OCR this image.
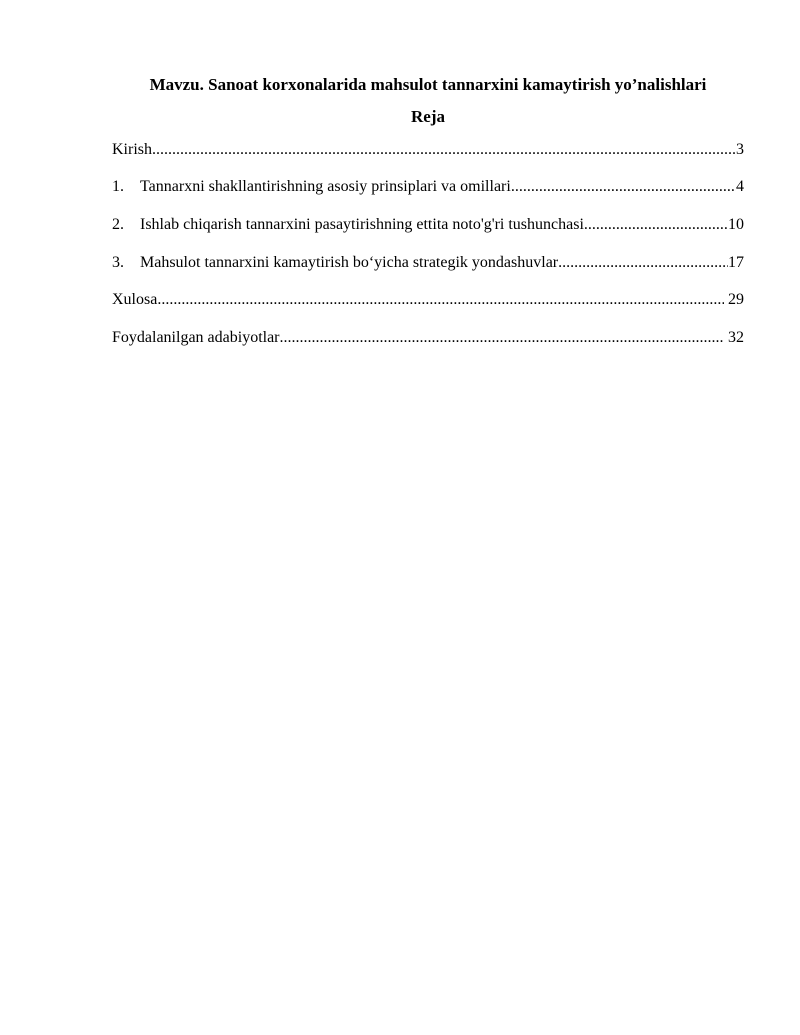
Mavzu. Sanoat korxonalarida mahsulot tannarxini kamaytirish yo’nalishlari
Reja
Kirish .....	3
1.	Tannarxni shakllantirishning asosiy prinsiplari va omillari .....	4
2.	Ishlab chiqarish tannarxini pasaytirishning ettita noto'g'ri tushunchasi .....	10
3.	Mahsulot tannarxini kamaytirish bo‘yicha strategik yondashuvlar .....	17
Xulosa .....	29
Foydalanilgan adabiyotlar .....	32
